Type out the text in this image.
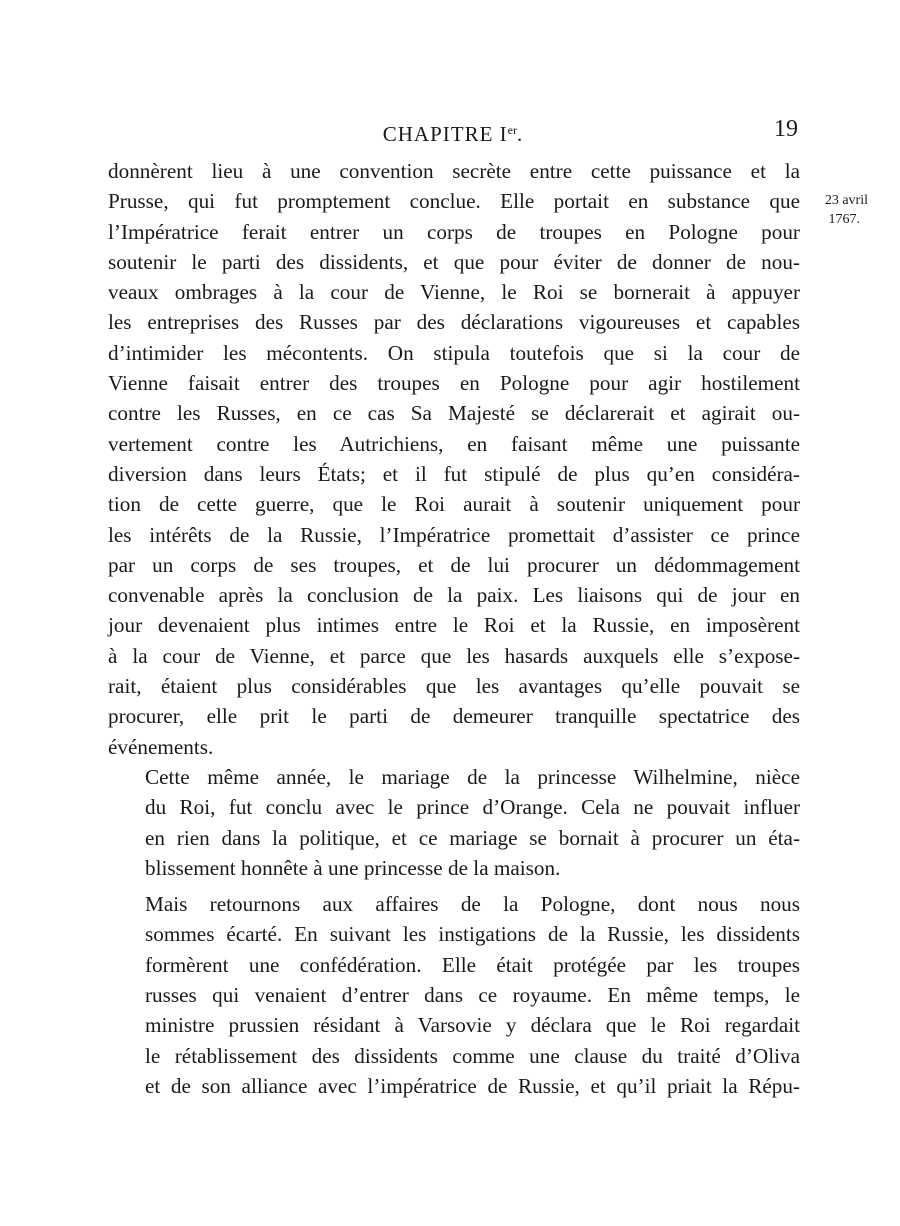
CHAPITRE Ier.	19
23 avril
1767.

donnèrent lieu à une convention secrète entre cette puissance et la
Prusse, qui fut promptement conclue. Elle portait en substance que
l’Impératrice ferait entrer un corps de troupes en Pologne pour
soutenir le parti des dissidents, et que pour éviter de donner de nou-
veaux ombrages à la cour de Vienne, le Roi se bornerait à appuyer
les entreprises des Russes par des déclarations vigoureuses et capables
d’intimider les mécontents. On stipula toutefois que si la cour de
Vienne faisait entrer des troupes en Pologne pour agir hostilement
contre les Russes, en ce cas Sa Majesté se déclarerait et agirait ou-
vertement contre les Autrichiens, en faisant même une puissante
diversion dans leurs États; et il fut stipulé de plus qu’en considéra-
tion de cette guerre, que le Roi aurait à soutenir uniquement pour
les intérêts de la Russie, l’Impératrice promettait d’assister ce prince
par un corps de ses troupes, et de lui procurer un dédommagement
convenable après la conclusion de la paix. Les liaisons qui de jour en
jour devenaient plus intimes entre le Roi et la Russie, en imposèrent
à la cour de Vienne, et parce que les hasards auxquels elle s’expose-
rait, étaient plus considérables que les avantages qu’elle pouvait se
procurer, elle prit le parti de demeurer tranquille spectatrice des
événements.

Cette même année, le mariage de la princesse Wilhelmine, nièce
du Roi, fut conclu avec le prince d’Orange. Cela ne pouvait influer
en rien dans la politique, et ce mariage se bornait à procurer un éta-
blissement honnête à une princesse de la maison.

Mais retournons aux affaires de la Pologne, dont nous nous
sommes écarté. En suivant les instigations de la Russie, les dissidents
formèrent une confédération. Elle était protégée par les troupes
russes qui venaient d’entrer dans ce royaume. En même temps, le
ministre prussien résidant à Varsovie y déclara que le Roi regardait
le rétablissement des dissidents comme une clause du traité d’Oliva
et de son alliance avec l’impératrice de Russie, et qu’il priait la Répu-
